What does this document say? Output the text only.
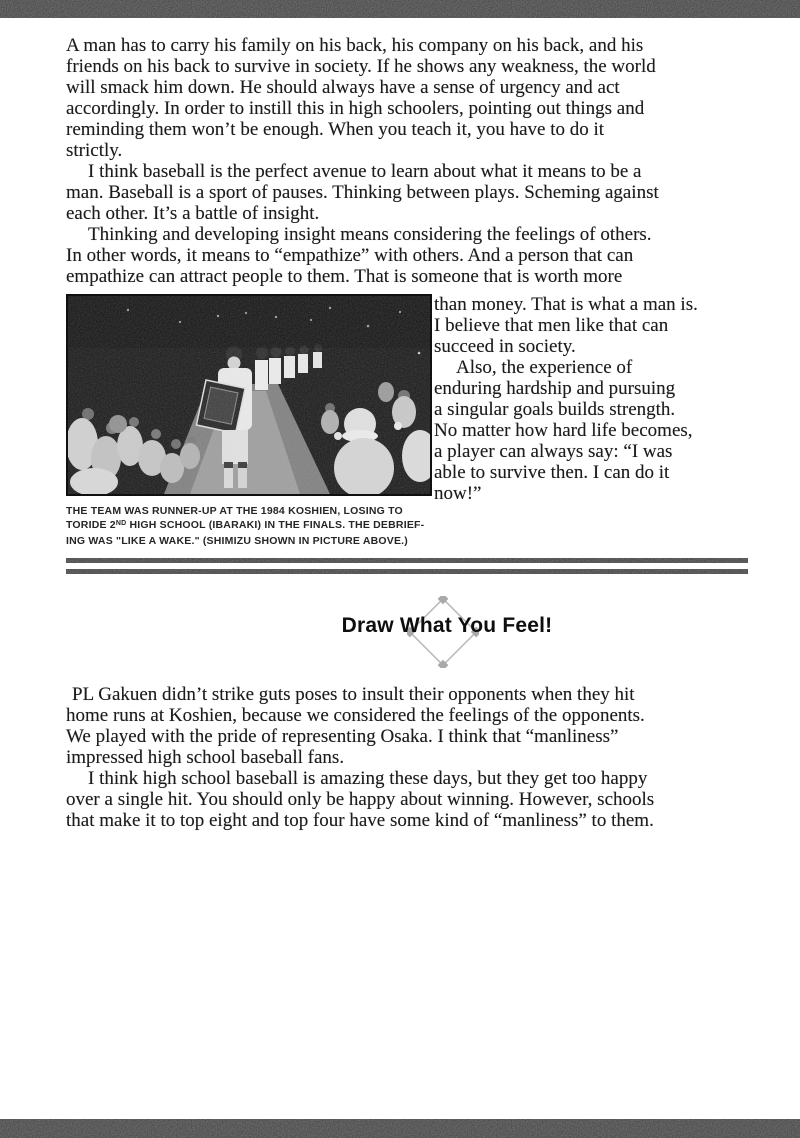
A man has to carry his family on his back, his company on his back, and his
friends on his back to survive in society. If he shows any weakness, the world
will smack him down. He should always have a sense of urgency and act
accordingly. In order to instill this in high schoolers, pointing out things and
reminding them won’t be enough. When you teach it, you have to do it
strictly.
I think baseball is the perfect avenue to learn about what it means to be a
man. Baseball is a sport of pauses. Thinking between plays. Scheming against
each other. It’s a battle of insight.
Thinking and developing insight means considering the feelings of others.
In other words, it means to “empathize” with others. And a person that can
empathize can attract people to them. That is someone that is worth more
THE TEAM WAS RUNNER-UP AT THE 1984 KOSHIEN, LOSING TO
TORIDE 2ND HIGH SCHOOL (IBARAKI) IN THE FINALS. THE DEBRIEF-
ING WAS "LIKE A WAKE." (SHIMIZU SHOWN IN PICTURE ABOVE.)
than money. That is what a man is.
I believe that men like that can
succeed in society.
Also, the experience of
enduring hardship and pursuing
a singular goals builds strength.
No matter how hard life becomes,
a player can always say: “I was
able to survive then. I can do it
now!”
Draw What You Feel!
PL Gakuen didn’t strike guts poses to insult their opponents when they hit
home runs at Koshien, because we considered the feelings of the opponents.
We played with the pride of representing Osaka. I think that “manliness”
impressed high school baseball fans.
I think high school baseball is amazing these days, but they get too happy
over a single hit. You should only be happy about winning. However, schools
that make it to top eight and top four have some kind of “manliness” to them.
